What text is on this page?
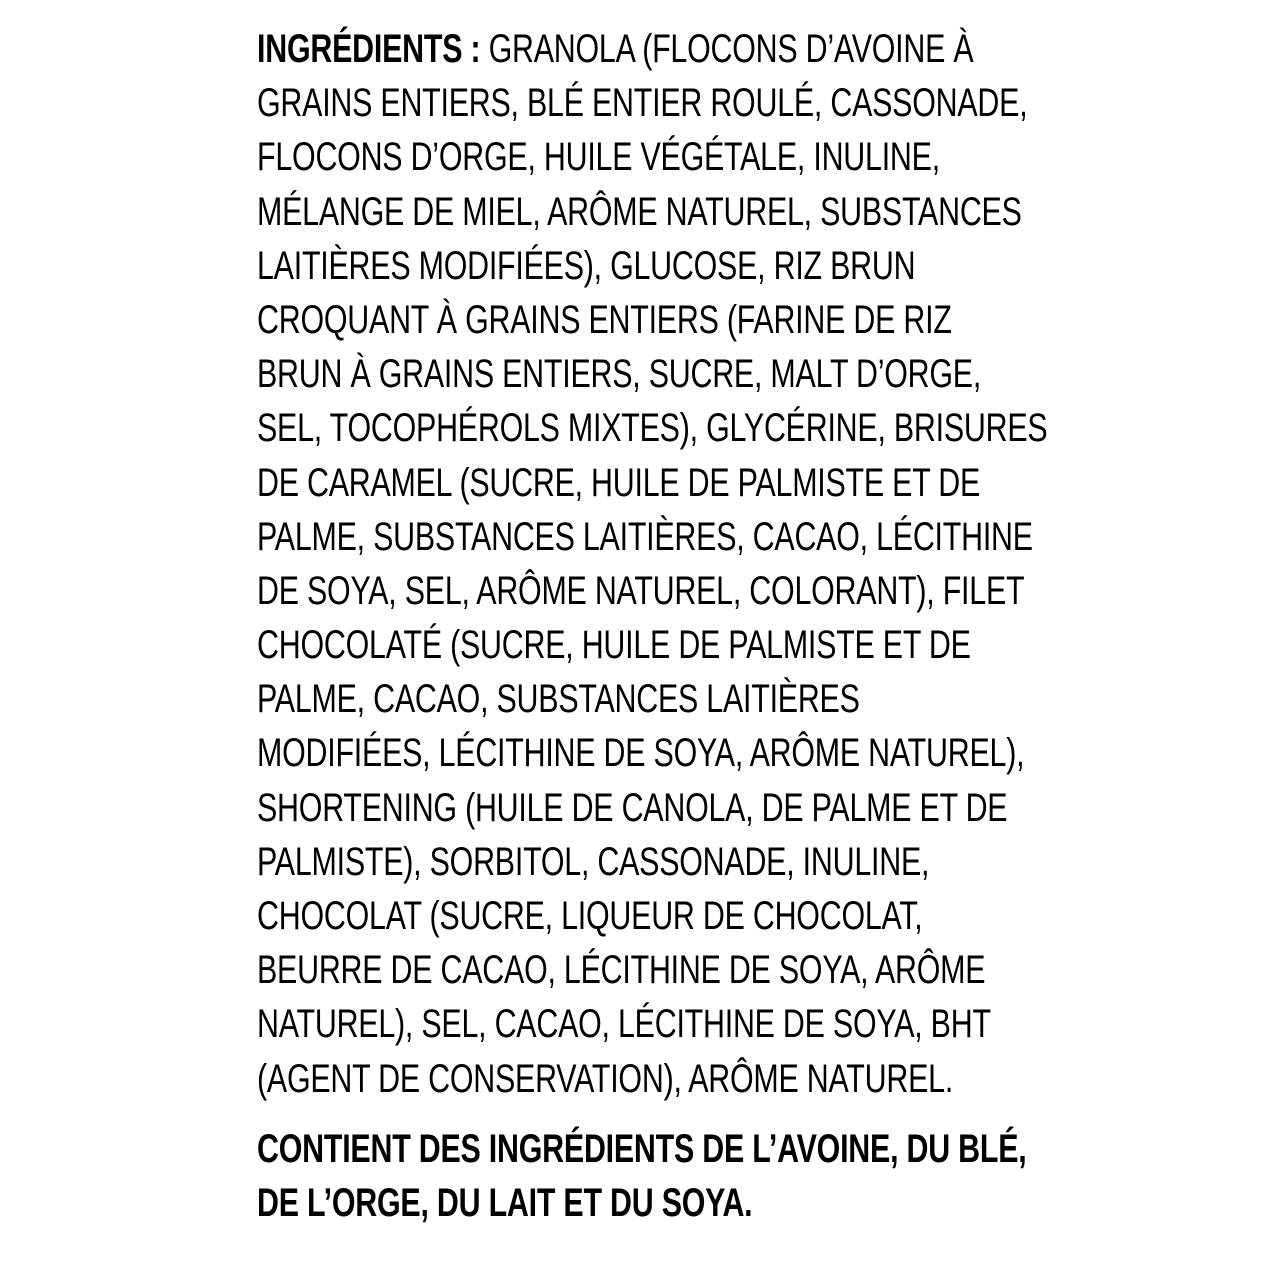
INGRÉDIENTS : GRANOLA (FLOCONS D’AVOINE À
GRAINS ENTIERS, BLÉ ENTIER ROULÉ, CASSONADE,
FLOCONS D’ORGE, HUILE VÉGÉTALE, INULINE,
MÉLANGE DE MIEL, ARÔME NATUREL, SUBSTANCES
LAITIÈRES MODIFIÉES), GLUCOSE, RIZ BRUN
CROQUANT À GRAINS ENTIERS (FARINE DE RIZ
BRUN À GRAINS ENTIERS, SUCRE, MALT D’ORGE,
SEL, TOCOPHÉROLS MIXTES), GLYCÉRINE, BRISURES
DE CARAMEL (SUCRE, HUILE DE PALMISTE ET DE
PALME, SUBSTANCES LAITIÈRES, CACAO, LÉCITHINE
DE SOYA, SEL, ARÔME NATUREL, COLORANT), FILET
CHOCOLATÉ (SUCRE, HUILE DE PALMISTE ET DE
PALME, CACAO, SUBSTANCES LAITIÈRES
MODIFIÉES, LÉCITHINE DE SOYA, ARÔME NATUREL),
SHORTENING (HUILE DE CANOLA, DE PALME ET DE
PALMISTE), SORBITOL, CASSONADE, INULINE,
CHOCOLAT (SUCRE, LIQUEUR DE CHOCOLAT,
BEURRE DE CACAO, LÉCITHINE DE SOYA, ARÔME
NATUREL), SEL, CACAO, LÉCITHINE DE SOYA, BHT
(AGENT DE CONSERVATION), ARÔME NATUREL.
CONTIENT DES INGRÉDIENTS DE L’AVOINE, DU BLÉ,
DE L’ORGE, DU LAIT ET DU SOYA.
